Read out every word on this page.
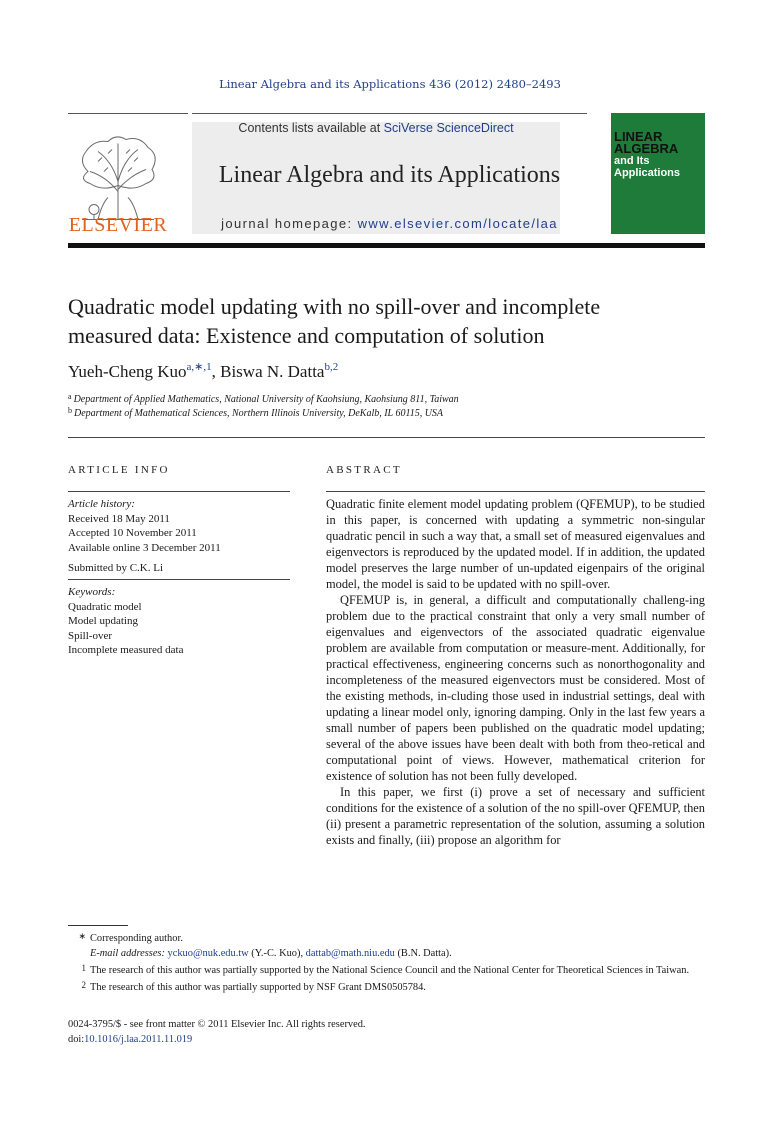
Linear Algebra and its Applications 436 (2012) 2480–2493
ELSEVIER
Contents lists available at SciVerse ScienceDirect
Linear Algebra and its Applications
journal homepage: www.elsevier.com/locate/laa
LINEAR
ALGEBRA
and Its
Applications
Quadratic model updating with no spill-over and incomplete
measured data: Existence and computation of solution
Yueh-Cheng Kuo$^{a,∗,1}$, Biswa N. Datta$^{b,2}$
$^a$ Department of Applied Mathematics, National University of Kaohsiung, Kaohsiung 811, Taiwan
$^b$ Department of Mathematical Sciences, Northern Illinois University, DeKalb, IL 60115, USA
ARTICLE INFO	ABSTRACT
Article history:
Received 18 May 2011
Accepted 10 November 2011
Available online 3 December 2011
Submitted by C.K. Li
Keywords:
Quadratic model
Model updating
Spill-over
Incomplete measured data

Quadratic finite element model updating problem (QFEMUP), to be studied in this paper, is concerned with updating a symmetric non-singular quadratic pencil in such a way that, a small set of measured eigenvalues and eigenvectors is reproduced by the updated model. If in addition, the updated model preserves the large number of un-updated eigenpairs of the original model, the model is said to be updated with no spill-over.

QFEMUP is, in general, a difficult and computationally challeng-ing problem due to the practical constraint that only a very small number of eigenvalues and eigenvectors of the associated quadratic eigenvalue problem are available from computation or measure-ment. Additionally, for practical effectiveness, engineering concerns such as nonorthogonality and incompleteness of the measured eigenvectors must be considered. Most of the existing methods, in-cluding those used in industrial settings, deal with updating a linear model only, ignoring damping. Only in the last few years a small number of papers been published on the quadratic model updating; several of the above issues have been dealt with both from theo-retical and computational point of views. However, mathematical criterion for existence of solution has not been fully developed.

In this paper, we first (i) prove a set of necessary and sufficient conditions for the existence of a solution of the no spill-over QFEMUP, then (ii) present a parametric representation of the solution, assuming a solution exists and finally, (iii) propose an algorithm for

∗ Corresponding author.
E-mail addresses: yckuo@nuk.edu.tw (Y.-C. Kuo), dattab@math.niu.edu (B.N. Datta).
1 The research of this author was partially supported by the National Science Council and the National Center for Theoretical Sciences in Taiwan.
2 The research of this author was partially supported by NSF Grant DMS0505784.
0024-3795/$ - see front matter © 2011 Elsevier Inc. All rights reserved.
doi:10.1016/j.laa.2011.11.019
